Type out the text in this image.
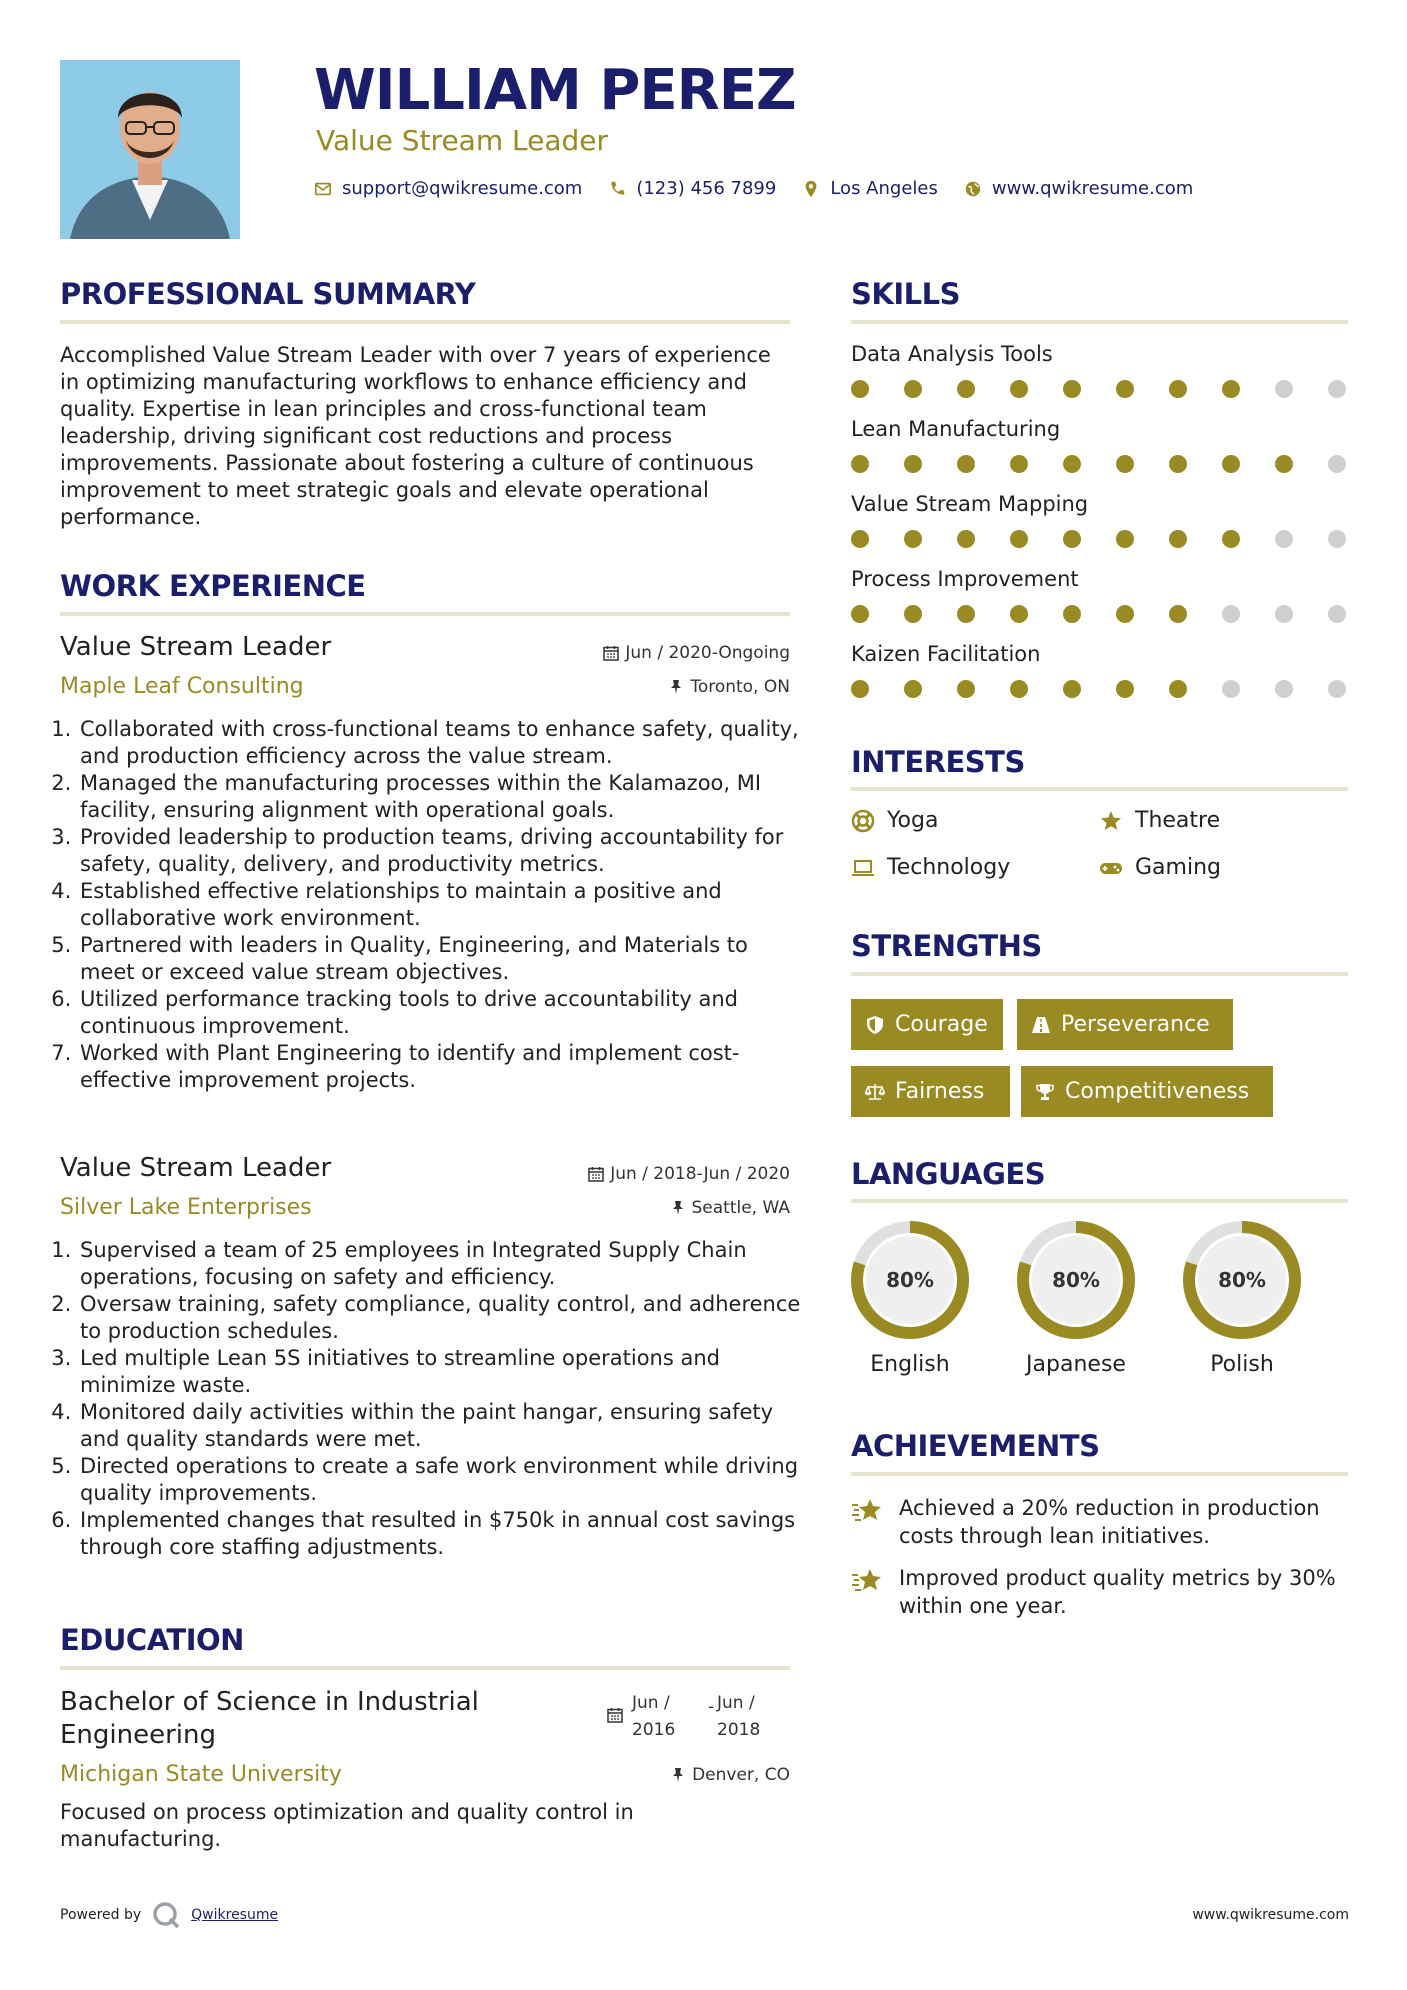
WILLIAM PEREZ
Value Stream Leader
support@qwikresume.com	(123) 456 7899	Los Angeles	www.qwikresume.com
PROFESSIONAL SUMMARY
Accomplished Value Stream Leader with over 7 years of experience in optimizing manufacturing workflows to enhance efficiency and quality. Expertise in lean principles and cross-functional team leadership, driving significant cost reductions and process improvements. Passionate about fostering a culture of continuous improvement to meet strategic goals and elevate operational performance.
WORK EXPERIENCE
Value Stream Leader	Jun / 2020-Ongoing
Maple Leaf Consulting	Toronto, ON
1. Collaborated with cross-functional teams to enhance safety, quality, and production efficiency across the value stream.
2. Managed the manufacturing processes within the Kalamazoo, MI facility, ensuring alignment with operational goals.
3. Provided leadership to production teams, driving accountability for safety, quality, delivery, and productivity metrics.
4. Established effective relationships to maintain a positive and collaborative work environment.
5. Partnered with leaders in Quality, Engineering, and Materials to meet or exceed value stream objectives.
6. Utilized performance tracking tools to drive accountability and continuous improvement.
7. Worked with Plant Engineering to identify and implement cost-effective improvement projects.
Value Stream Leader	Jun / 2018-Jun / 2020
Silver Lake Enterprises	Seattle, WA
1. Supervised a team of 25 employees in Integrated Supply Chain operations, focusing on safety and efficiency.
2. Oversaw training, safety compliance, quality control, and adherence to production schedules.
3. Led multiple Lean 5S initiatives to streamline operations and minimize waste.
4. Monitored daily activities within the paint hangar, ensuring safety and quality standards were met.
5. Directed operations to create a safe work environment while driving quality improvements.
6. Implemented changes that resulted in $750k in annual cost savings through core staffing adjustments.
EDUCATION
Bachelor of Science in Industrial Engineering
Jun /
2016
- Jun /
2018
Michigan State University	Denver, CO
Focused on process optimization and quality control in manufacturing.
SKILLS
Data Analysis Tools
Lean Manufacturing
Value Stream Mapping
Process Improvement
Kaizen Facilitation
INTERESTS
Yoga	Theatre
Technology	Gaming
STRENGTHS
Courage	Perseverance
Fairness	Competitiveness
LANGUAGES
80%
English
80%
Japanese
80%
Polish
ACHIEVEMENTS
Achieved a 20% reduction in production costs through lean initiatives.
Improved product quality metrics by 30% within one year.
Powered by	Qwikresume	www.qwikresume.com
